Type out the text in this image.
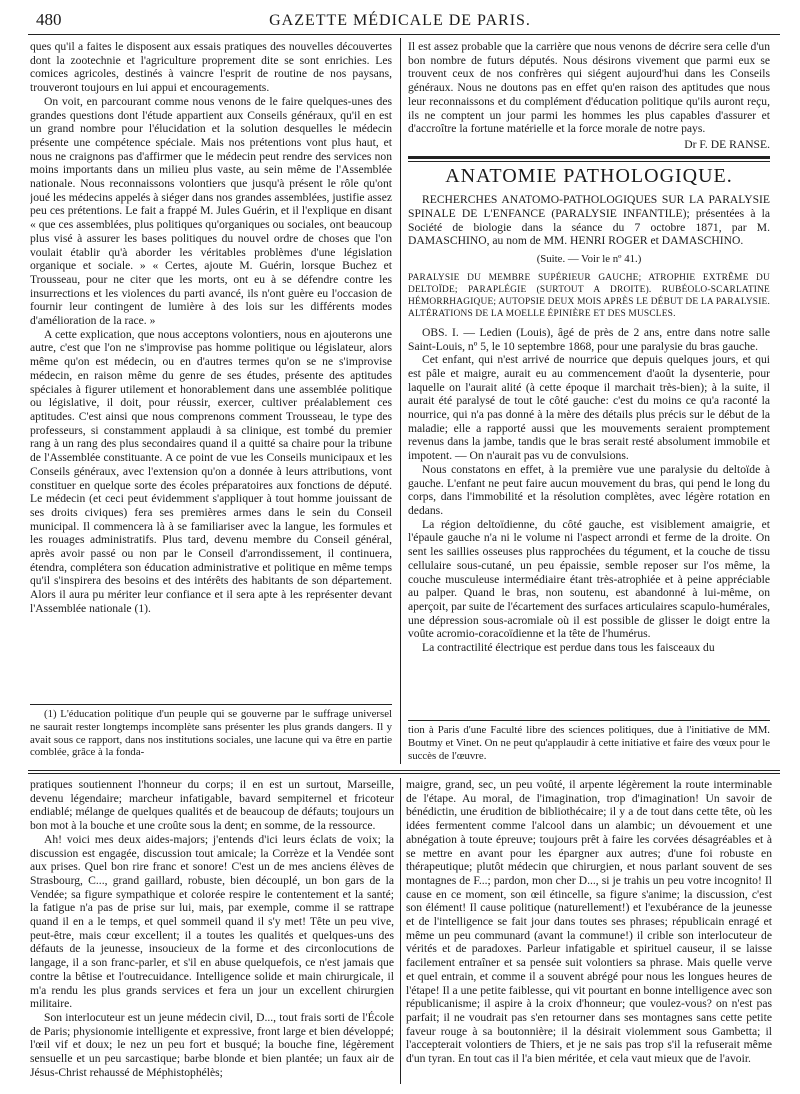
480	GAZETTE MÉDICALE DE PARIS.

ques qu'il a faites le disposent aux essais pratiques des nouvelles découvertes dont la zootechnie et l'agriculture proprement dite se sont enrichies. Les comices agricoles, destinés à vaincre l'esprit de routine de nos paysans, trouveront toujours en lui appui et encouragements.

On voit, en parcourant comme nous venons de le faire quelques-unes des grandes questions dont l'étude appartient aux Conseils généraux, qu'il en est un grand nombre pour l'élucidation et la solution desquelles le médecin présente une compétence spéciale. Mais nos prétentions vont plus haut, et nous ne craignons pas d'affirmer que le médecin peut rendre des services non moins importants dans un milieu plus vaste, au sein même de l'Assemblée nationale. Nous reconnaissons volontiers que jusqu'à présent le rôle qu'ont joué les médecins appelés à siéger dans nos grandes assemblées, justifie assez peu ces prétentions. Le fait a frappé M. Jules Guérin, et il l'explique en disant « que ces assemblées, plus politiques qu'organiques ou sociales, ont beaucoup plus visé à assurer les bases politiques du nouvel ordre de choses que l'on voulait établir qu'à aborder les véritables problèmes d'une législation organique et sociale. » « Certes, ajoute M. Guérin, lorsque Buchez et Trousseau, pour ne citer que les morts, ont eu à se défendre contre les insurrections et les violences du parti avancé, ils n'ont guère eu l'occasion de fournir leur contingent de lumière à des lois sur les différents modes d'amélioration de la race. »

A cette explication, que nous acceptons volontiers, nous en ajouterons une autre, c'est que l'on ne s'improvise pas homme politique ou législateur, alors même qu'on est médecin, ou en d'autres termes qu'on se ne s'improvise médecin, en raison même du genre de ses études, présente des aptitudes spéciales à figurer utilement et honorablement dans une assemblée politique ou législative, il doit, pour réussir, exercer, cultiver préalablement ces aptitudes. C'est ainsi que nous comprenons comment Trousseau, le type des professeurs, si constamment applaudi à sa clinique, est tombé du premier rang à un rang des plus secondaires quand il a quitté sa chaire pour la tribune de l'Assemblée constituante. A ce point de vue les Conseils municipaux et les Conseils généraux, avec l'extension qu'on a donnée à leurs attributions, vont constituer en quelque sorte des écoles préparatoires aux fonctions de député. Le médecin (et ceci peut évidemment s'appliquer à tout homme jouissant de ses droits civiques) fera ses premières armes dans le sein du Conseil municipal. Il commencera là à se familiariser avec la langue, les formules et les rouages administratifs. Plus tard, devenu membre du Conseil général, après avoir passé ou non par le Conseil d'arrondissement, il continuera, étendra, complétera son éducation administrative et politique en même temps qu'il s'inspirera des besoins et des intérêts des habitants de son département. Alors il aura pu mériter leur confiance et il sera apte à les représenter devant l'Assemblée nationale (1).

(1) L'éducation politique d'un peuple qui se gouverne par le suffrage universel ne saurait rester longtemps incomplète sans présenter les plus grands dangers. Il y avait sous ce rapport, dans nos institutions sociales, une lacune qui va être en partie comblée, grâce à la fonda-

Il est assez probable que la carrière que nous venons de décrire sera celle d'un bon nombre de futurs députés. Nous désirons vivement que parmi eux se trouvent ceux de nos confrères qui siégent aujourd'hui dans les Conseils généraux. Nous ne doutons pas en effet qu'en raison des aptitudes que nous leur reconnaissons et du complément d'éducation politique qu'ils auront reçu, ils ne comptent un jour parmi les hommes les plus capables d'assurer et d'accroître la fortune matérielle et la force morale de notre pays.

Dr F. DE RANSE.

ANATOMIE PATHOLOGIQUE.

RECHERCHES ANATOMO-PATHOLOGIQUES SUR LA PARALYSIE SPINALE DE L'ENFANCE (PARALYSIE INFANTILE); présentées à la Société de biologie dans la séance du 7 octobre 1871, par M. DAMASCHINO, au nom de MM. HENRI ROGER et DAMASCHINO.

(Suite. — Voir le nº 41.)

PARALYSIE DU MEMBRE SUPÉRIEUR GAUCHE; ATROPHIE EXTRÊME DU DELTOÏDE; PARAPLÉGIE (SURTOUT A DROITE). RUBÉOLO-SCARLATINE HÉMORRHAGIQUE; AUTOPSIE DEUX MOIS APRÈS LE DÉBUT DE LA PARALYSIE. ALTÉRATIONS DE LA MOELLE ÉPINIÈRE ET DES MUSCLES.

OBS. I. — Ledien (Louis), âgé de près de 2 ans, entre dans notre salle Saint-Louis, nº 5, le 10 septembre 1868, pour une paralysie du bras gauche.

Cet enfant, qui n'est arrivé de nourrice que depuis quelques jours, et qui est pâle et maigre, aurait eu au commencement d'août la dysenterie, pour laquelle on l'aurait alité (à cette époque il marchait très-bien); à la suite, il aurait été paralysé de tout le côté gauche: c'est du moins ce qu'a raconté la nourrice, qui n'a pas donné à la mère des détails plus précis sur le début de la maladie; elle a rapporté aussi que les mouvements seraient promptement revenus dans la jambe, tandis que le bras serait resté absolument immobile et impotent. — On n'aurait pas vu de convulsions.

Nous constatons en effet, à la première vue une paralysie du deltoïde à gauche. L'enfant ne peut faire aucun mouvement du bras, qui pend le long du corps, dans l'immobilité et la résolution complètes, avec légère rotation en dedans.

La région deltoïdienne, du côté gauche, est visiblement amaigrie, et l'épaule gauche n'a ni le volume ni l'aspect arrondi et ferme de la droite. On sent les saillies osseuses plus rapprochées du tégument, et la couche de tissu cellulaire sous-cutané, un peu épaissie, semble reposer sur l'os même, la couche musculeuse intermédiaire étant très-atrophiée et à peine appréciable au palper. Quand le bras, non soutenu, est abandonné à lui-même, on aperçoit, par suite de l'écartement des surfaces articulaires scapulo-humérales, une dépression sous-acromiale où il est possible de glisser le doigt entre la voûte acromio-coracoïdienne et la tête de l'humérus.

La contractilité électrique est perdue dans tous les faisceaux du

tion à Paris d'une Faculté libre des sciences politiques, due à l'initiative de MM. Boutmy et Vinet. On ne peut qu'applaudir à cette initiative et faire des vœux pour le succès de l'œuvre.

pratiques soutiennent l'honneur du corps; il en est un surtout, Marseille, devenu légendaire; marcheur infatigable, bavard sempiternel et fricoteur endiablé; mélange de quelques qualités et de beaucoup de défauts; toujours un bon mot à la bouche et une croûte sous la dent; en somme, de la ressource.

Ah! voici mes deux aides-majors; j'entends d'ici leurs éclats de voix; la discussion est engagée, discussion tout amicale; la Corrèze et la Vendée sont aux prises. Quel bon rire franc et sonore! C'est un de mes anciens élèves de Strasbourg, C..., grand gaillard, robuste, bien découplé, un bon gars de la Vendée; sa figure sympathique et colorée respire le contentement et la santé; la fatigue n'a pas de prise sur lui, mais, par exemple, comme il se rattrape quand il en a le temps, et quel sommeil quand il s'y met! Tête un peu vive, peut-être, mais cœur excellent; il a toutes les qualités et quelques-uns des défauts de la jeunesse, insoucieux de la forme et des circonlocutions de langage, il a son franc-parler, et s'il en abuse quelquefois, ce n'est jamais que contre la bêtise et l'outrecuidance. Intelligence solide et main chirurgicale, il m'a rendu les plus grands services et fera un jour un excellent chirurgien militaire.

Son interlocuteur est un jeune médecin civil, D..., tout frais sorti de l'École de Paris; physionomie intelligente et expressive, front large et bien développé; l'œil vif et doux; le nez un peu fort et busqué; la bouche fine, légèrement sensuelle et un peu sarcastique; barbe blonde et bien plantée; un faux air de Jésus-Christ rehaussé de Méphistophélès;

maigre, grand, sec, un peu voûté, il arpente légèrement la route interminable de l'étape. Au moral, de l'imagination, trop d'imagination! Un savoir de bénédictin, une érudition de bibliothécaire; il y a de tout dans cette tête, où les idées fermentent comme l'alcool dans un alambic; un dévouement et une abnégation à toute épreuve; toujours prêt à faire les corvées désagréables et à se mettre en avant pour les épargner aux autres; d'une foi robuste en thérapeutique; plutôt médecin que chirurgien, et nous parlant souvent de ses montagnes de F...; pardon, mon cher D..., si je trahis un peu votre incognito! Il cause en ce moment, son œil étincelle, sa figure s'anime; la discussion, c'est son élément! Il cause politique (naturellement!) et l'exubérance de la jeunesse et de l'intelligence se fait jour dans toutes ses phrases; républicain enragé et même un peu communard (avant la commune!) il crible son interlocuteur de vérités et de paradoxes. Parleur infatigable et spirituel causeur, il se laisse facilement entraîner et sa pensée suit volontiers sa phrase. Mais quelle verve et quel entrain, et comme il a souvent abrégé pour nous les longues heures de l'étape! Il a une petite faiblesse, qui vit pourtant en bonne intelligence avec son républicanisme; il aspire à la croix d'honneur; que voulez-vous? on n'est pas parfait; il ne voudrait pas s'en retourner dans ses montagnes sans cette petite faveur rouge à sa boutonnière; il la désirait violemment sous Gambetta; il l'accepterait volontiers de Thiers, et je ne sais pas trop s'il la refuserait même d'un tyran. En tout cas il l'a bien méritée, et cela vaut mieux que de l'avoir.
